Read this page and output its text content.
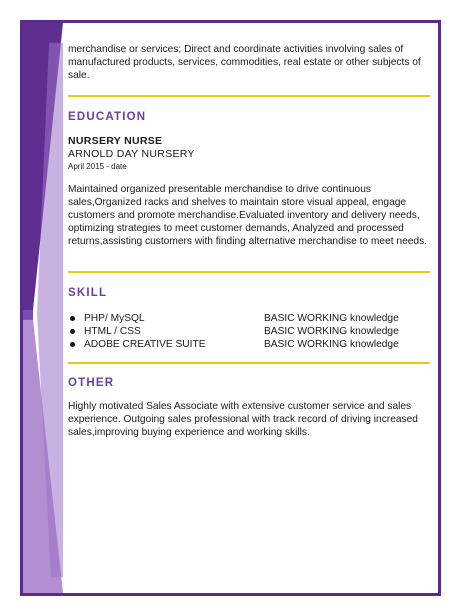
merchandise or services; Direct and coordinate activities involving sales of manufactured products, services, commodities, real estate or other subjects of sale.

EDUCATION
NURSERY NURSE
ARNOLD DAY NURSERY
April 2015 - date

Maintained organized presentable merchandise to drive continuous sales,Organized racks and shelves to maintain store visual appeal, engage customers and promote merchandise.Evaluated inventory and delivery needs, optimizing strategies to meet customer demands, Analyzed and processed returns,assisting customers with finding alternative merchandise to meet needs.

SKILL
PHP/ MySQL	BASIC WORKING knowledge
HTML / CSS	BASIC WORKING knowledge
ADOBE CREATIVE SUITE	BASIC WORKING knowledge
OTHER

Highly motivated Sales Associate with extensive customer service and sales experience. Outgoing sales professional with track record of driving increased sales,improving buying experience and working skills.
